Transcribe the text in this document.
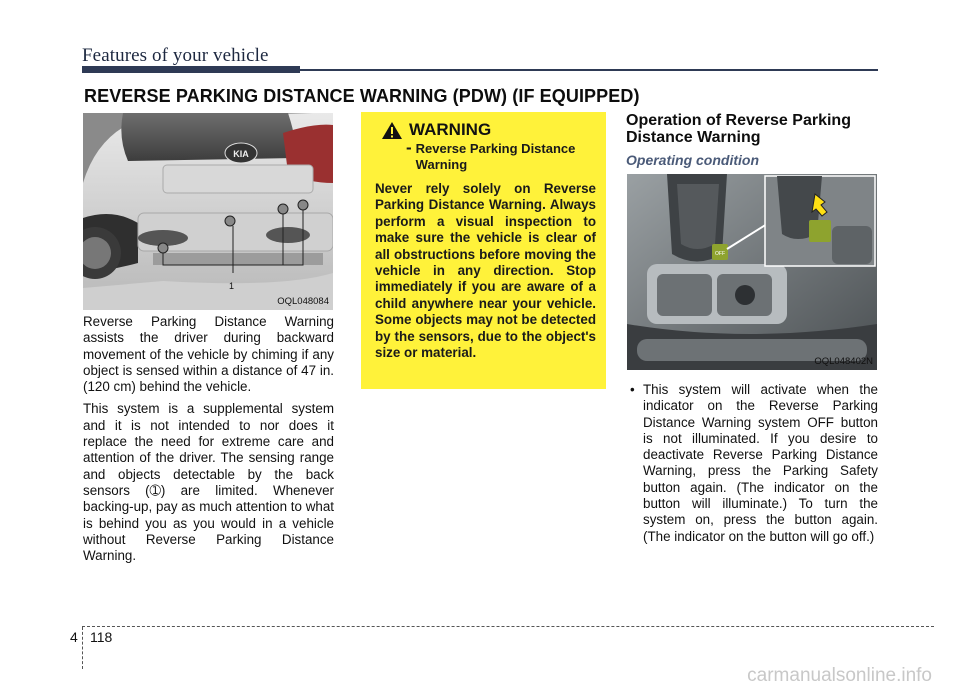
Features of your vehicle
REVERSE PARKING DISTANCE WARNING (PDW) (IF EQUIPPED)
KIA
1
OQL048084

Reverse Parking Distance Warning assists the driver during backward movement of the vehicle by chiming if any object is sensed within a distance of 47 in. (120 cm) behind the vehicle.

This system is a supplemental system and it is not intended to nor does it replace the need for extreme care and attention of the driver. The sensing range and objects detectable by the back sensors (➀) are limited. Whenever backing-up, pay as much attention to what is behind you as you would in a vehicle without Reverse Parking Distance Warning.

WARNING
- Reverse Parking Distance Warning
Never rely solely on Reverse Parking Distance Warning. Always perform a visual inspection to make sure the vehicle is clear of all obstructions before moving the vehicle in any direction. Stop immediately if you are aware of a child anywhere near your vehicle. Some objects may not be detected by the sensors, due to the object's size or material.
Operation of Reverse Parking Distance Warning
Operating condition
OFF
OQL048402N
• This system will activate when the indicator on the Reverse Parking Distance Warning system OFF button is not illuminated. If you desire to deactivate Reverse Parking Distance Warning, press the Parking Safety button again. (The indicator on the button will illuminate.) To turn the system on, press the button again. (The indicator on the button will go off.)
4 118
carmanualsonline.info
